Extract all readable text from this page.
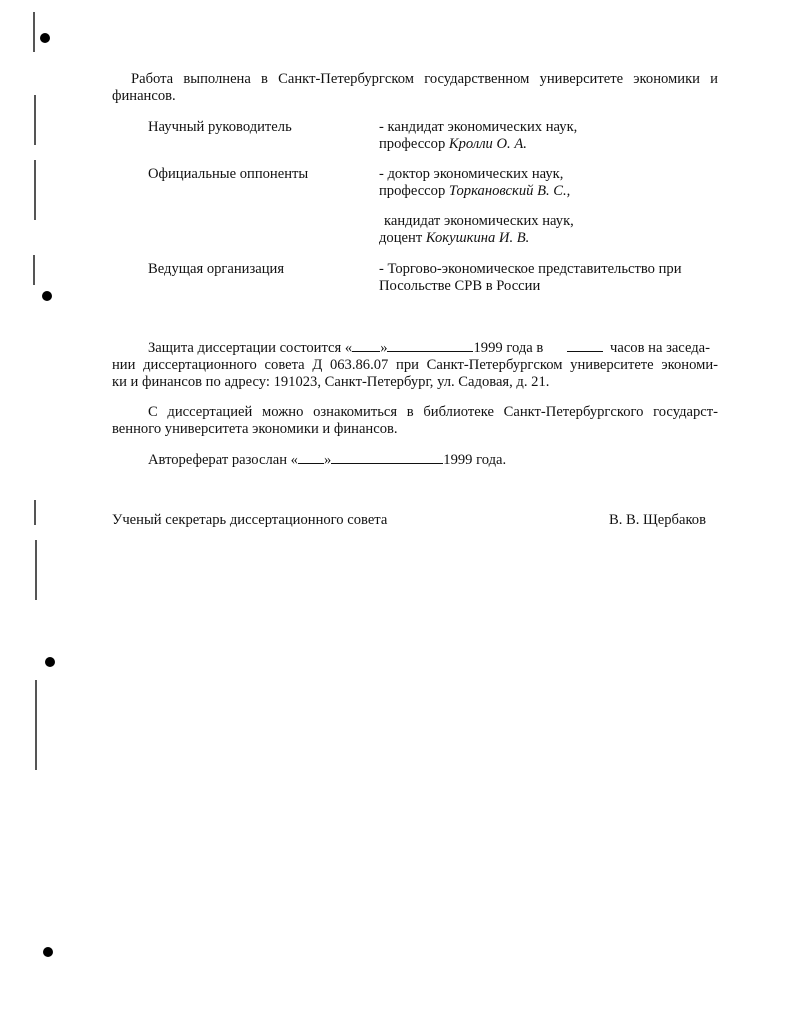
Работа выполнена в Санкт-Петербургском государственном университете экономики и
финансов.
Научный руководитель	- кандидат экономических наук,
профессор Кролли О. А.
Официальные оппоненты	- доктор экономических наук,
профессор Торкановский В. С.,
кандидат экономических наук,
доцент Кокушкина И. В.
Ведущая организация	- Торгово-экономическое представительство при
Посольстве СРВ в России
Защита диссертации состоится « »	1999 года в	часов на заседа-
нии диссертационного совета Д 063.86.07 при Санкт-Петербургском университете экономи-
ки и финансов по адресу: 191023, Санкт-Петербург, ул. Садовая, д. 21.
С диссертацией можно ознакомиться в библиотеке Санкт-Петербургского государст-
венного университета экономики и финансов.
Автореферат разослан « »	1999 года.
Ученый секретарь диссертационного совета	В. В. Щербаков
